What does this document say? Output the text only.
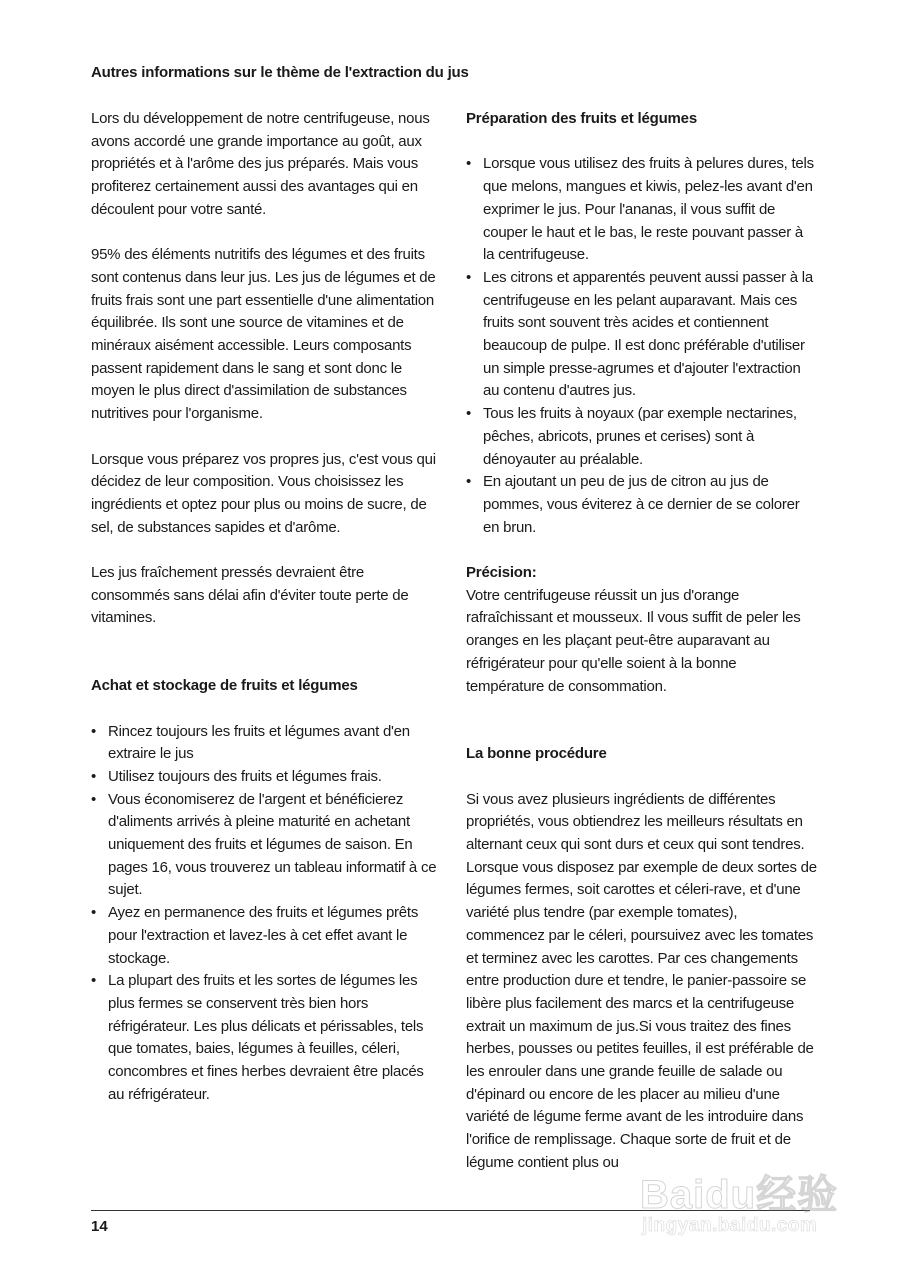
Autres informations sur le thème de l'extraction du jus

Lors du développement de notre centrifugeuse, nous avons accordé une grande importance au goût, aux propriétés et à l'arôme des jus préparés. Mais vous profiterez certainement aussi des avantages qui en découlent pour votre santé.

95% des éléments nutritifs des légumes et des fruits sont contenus dans leur jus. Les jus de légumes et de fruits frais sont une part essentielle d'une alimentation équilibrée. Ils sont une source de vitamines et de minéraux aisément accessible. Leurs composants passent rapidement dans le sang et sont donc le moyen le plus direct d'assimilation de substances nutritives pour l'organisme.

Lorsque vous préparez vos propres jus, c'est vous qui décidez de leur composition. Vous choisissez les ingrédients et optez pour plus ou moins de sucre, de sel, de substances sapides et d'arôme.

Les jus fraîchement pressés devraient être consommés sans délai afin d'éviter toute perte de vitamines.

Achat et stockage de fruits et légumes
• Rincez toujours les fruits et légumes avant d'en extraire le jus
• Utilisez toujours des fruits et légumes frais.
• Vous économiserez de l'argent et bénéficierez d'aliments arrivés à pleine maturité en achetant uniquement des fruits et légumes de saison. En pages 16, vous trouverez un tableau informatif à ce sujet.
• Ayez en permanence des fruits et légumes prêts pour l'extraction et lavez-les à cet effet avant le stockage.
• La plupart des fruits et les sortes de légumes les plus fermes se conservent très bien hors réfrigérateur. Les plus délicats et périssables, tels que tomates, baies, légumes à feuilles, céleri, concombres et fines herbes devraient être placés au réfrigérateur.
Préparation des fruits et légumes
• Lorsque vous utilisez des fruits à pelures dures, tels que melons, mangues et kiwis, pelez-les avant d'en exprimer le jus. Pour l'ananas, il vous suffit de couper le haut et le bas, le reste pouvant passer à la centrifugeuse.
• Les citrons et apparentés peuvent aussi passer à la centrifugeuse en les pelant auparavant. Mais ces fruits sont souvent très acides et contiennent beaucoup de pulpe. Il est donc préférable d'utiliser un simple presse-agrumes et d'ajouter l'extraction au contenu d'autres jus.
• Tous les fruits à noyaux (par exemple nectarines, pêches, abricots, prunes et cerises) sont à dénoyauter au préalable.
• En ajoutant un peu de jus de citron au jus de pommes, vous éviterez à ce dernier de se colorer en brun.
Précision:

Votre centrifugeuse réussit un jus d'orange rafraîchissant et mousseux. Il vous suffit de peler les oranges en les plaçant peut-être auparavant au réfrigérateur pour qu'elle soient à la bonne température de consommation.

La bonne procédure

Si vous avez plusieurs ingrédients de différentes propriétés, vous obtiendrez les meilleurs résultats en alternant ceux qui sont durs et ceux qui sont tendres. Lorsque vous disposez par exemple de deux sortes de légumes fermes, soit carottes et céleri-rave, et d'une variété plus tendre (par exemple tomates), commencez par le céleri, poursuivez avec les tomates et terminez avec les carottes. Par ces changements entre production dure et tendre, le panier-passoire se libère plus facilement des marcs et la centrifugeuse extrait un maximum de jus.Si vous traitez des fines herbes, pousses ou petites feuilles, il est préférable de les enrouler dans une grande feuille de salade ou d'épinard ou encore de les placer au milieu d'une variété de légume ferme avant de les introduire dans l'orifice de remplissage. Chaque sorte de fruit et de légume contient plus ou

14
Baidu经验
jingyan.baidu.com
